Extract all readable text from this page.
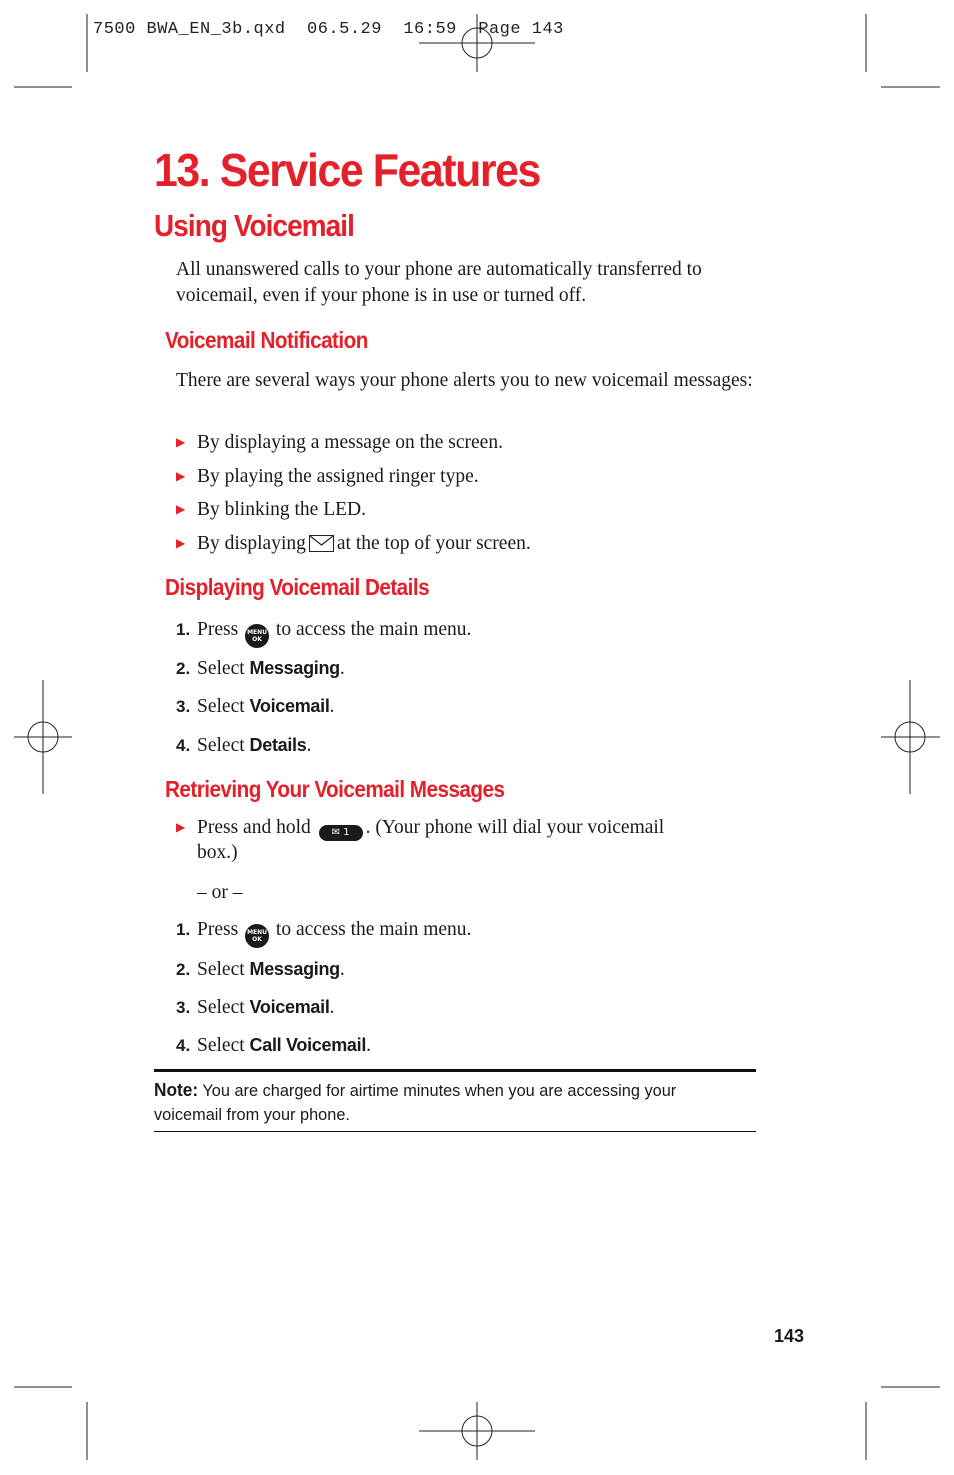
7500 BWA_EN_3b.qxd  06.5.29  16:59  Page 143
13. Service Features
Using Voicemail
All unanswered calls to your phone are automatically transferred to voicemail, even if your phone is in use or turned off.
Voicemail Notification
There are several ways your phone alerts you to new voicemail messages:
▶ By displaying a message on the screen.
▶ By playing the assigned ringer type.
▶ By blinking the LED.
▶ By displaying at the top of your screen.
Displaying Voicemail Details
1. Press MENU
OK to access the main menu.
2. Select Messaging.
3. Select Voicemail.
4. Select Details.
Retrieving Your Voicemail Messages
▶ Press and hold ✉ 1 . (Your phone will dial your voicemail
box.)
– or –
1. Press MENU
OK to access the main menu.
2. Select Messaging.
3. Select Voicemail.
4. Select Call Voicemail.
Note: You are charged for airtime minutes when you are accessing your voicemail from your phone.
143
